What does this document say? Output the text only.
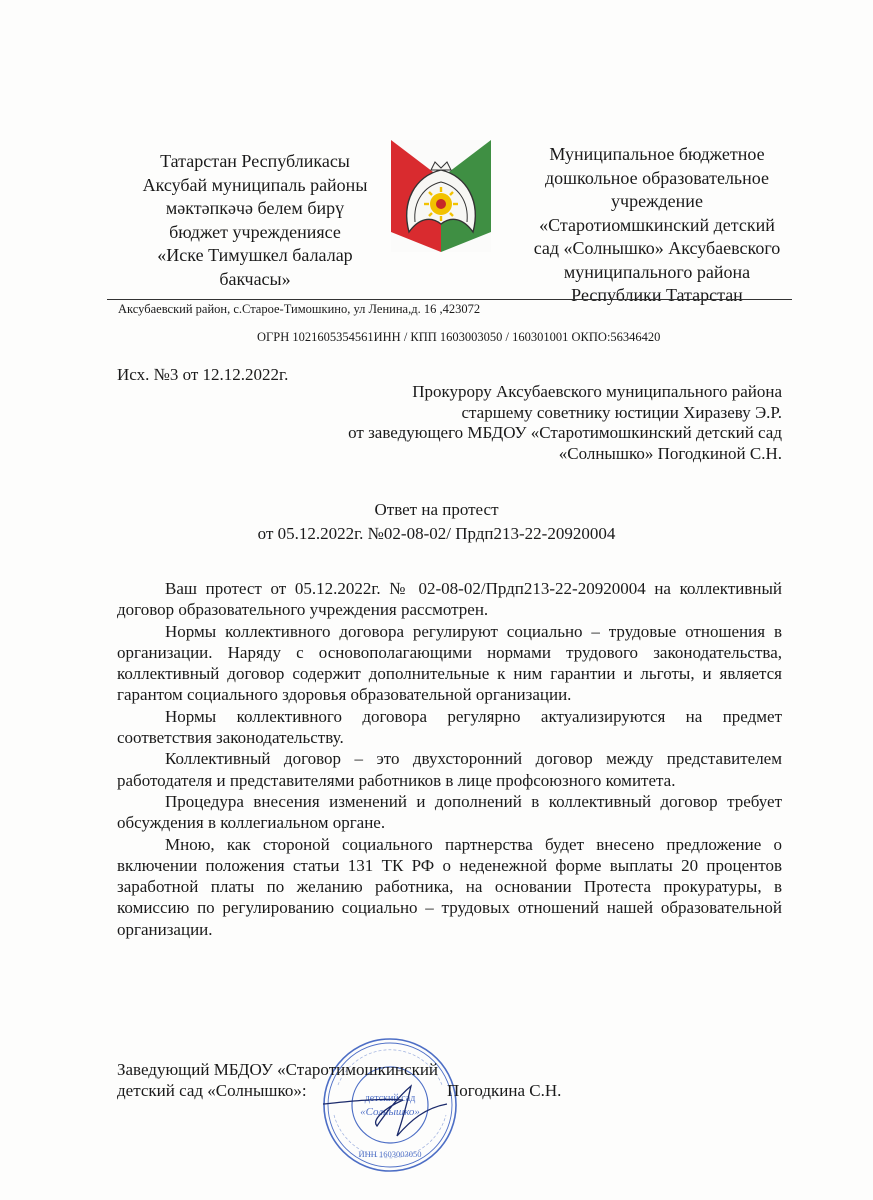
Татарстан Республикасы
Аксубай муниципаль районы
мәктәпкәчә белем бирү
бюджет учреждениясе
«Иске Тимушкел балалар
бакчасы»
Муниципальное бюджетное
дошкольное образовательное
учреждение
«Старотиомшкинский детский
сад «Солнышко» Аксубаевского
муниципального района
Республики Татарстан
Аксубаевский район, с.Старое-Тимошкино, ул Ленина,д. 16 ,423072
ОГРН 1021605354561ИНН / КПП 1603003050 / 160301001 ОКПО:56346420
Исх. №3 от 12.12.2022г.
Прокурору Аксубаевского муниципального района
старшему советнику юстиции Хиразеву Э.Р.
от заведующего МБДОУ «Старотимошкинский детский сад
«Солнышко» Погодкиной С.Н.
Ответ на протест
от 05.12.2022г. №02-08-02/ Прдп213-22-20920004

Ваш протест от 05.12.2022г. № 02-08-02/Прдп213-22-20920004 на коллективный договор образовательного учреждения рассмотрен.

Нормы коллективного договора регулируют социально – трудовые отношения в организации. Наряду с основополагающими нормами трудового законодательства, коллективный договор содержит дополнительные к ним гарантии и льготы, и является гарантом социального здоровья образовательной организации.

Нормы коллективного договора регулярно актуализируются на предмет соответствия законодательству.

Коллективный договор – это двухсторонний договор между представителем работодателя и представителями работников в лице профсоюзного комитета.

Процедура внесения изменений и дополнений в коллективный договор требует обсуждения в коллегиальном органе.

Мною, как стороной социального партнерства будет внесено предложение о включении положения статьи 131 ТК РФ о неденежной форме выплаты 20 процентов заработной платы по желанию работника, на основании Протеста прокуратуры, в комиссию по регулированию социально – трудовых отношений нашей образовательной организации.

детский сад
«Солнышко»
ИНН 1603003050
Заведующий МБДОУ «Старотимошкинский
детский сад «Солнышко»:	Погодкина С.Н.
